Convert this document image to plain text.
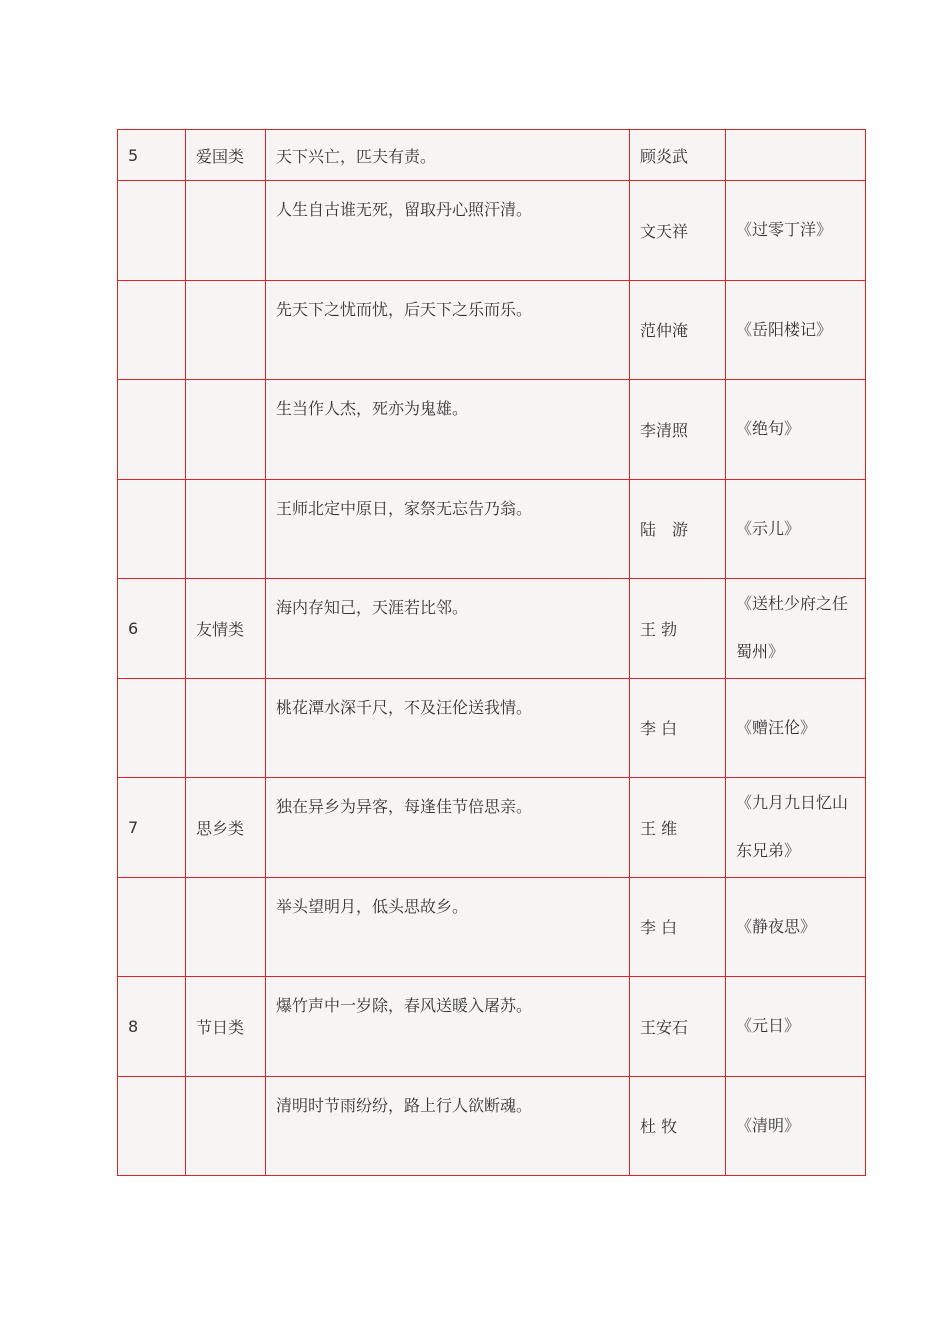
5	爱国类	天下兴亡，匹夫有责。	顾炎武	
		人生自古谁无死，留取丹心照汗清。	文天祥	《过零丁洋》
		先天下之忧而忧，后天下之乐而乐。	范仲淹	《岳阳楼记》
		生当作人杰，死亦为鬼雄。	李清照	《绝句》
		王师北定中原日，家祭无忘告乃翁。	陆　游	《示儿》
6	友情类	海内存知己，天涯若比邻。	王 勃	《送杜少府之任蜀州》
		桃花潭水深千尺，不及汪伦送我情。	李 白	《赠汪伦》
7	思乡类	独在异乡为异客，每逢佳节倍思亲。	王 维	《九月九日忆山东兄弟》
		举头望明月，低头思故乡。	李 白	《静夜思》
8	节日类	爆竹声中一岁除，春风送暖入屠苏。	王安石	《元日》
		清明时节雨纷纷，路上行人欲断魂。	杜 牧	《清明》
